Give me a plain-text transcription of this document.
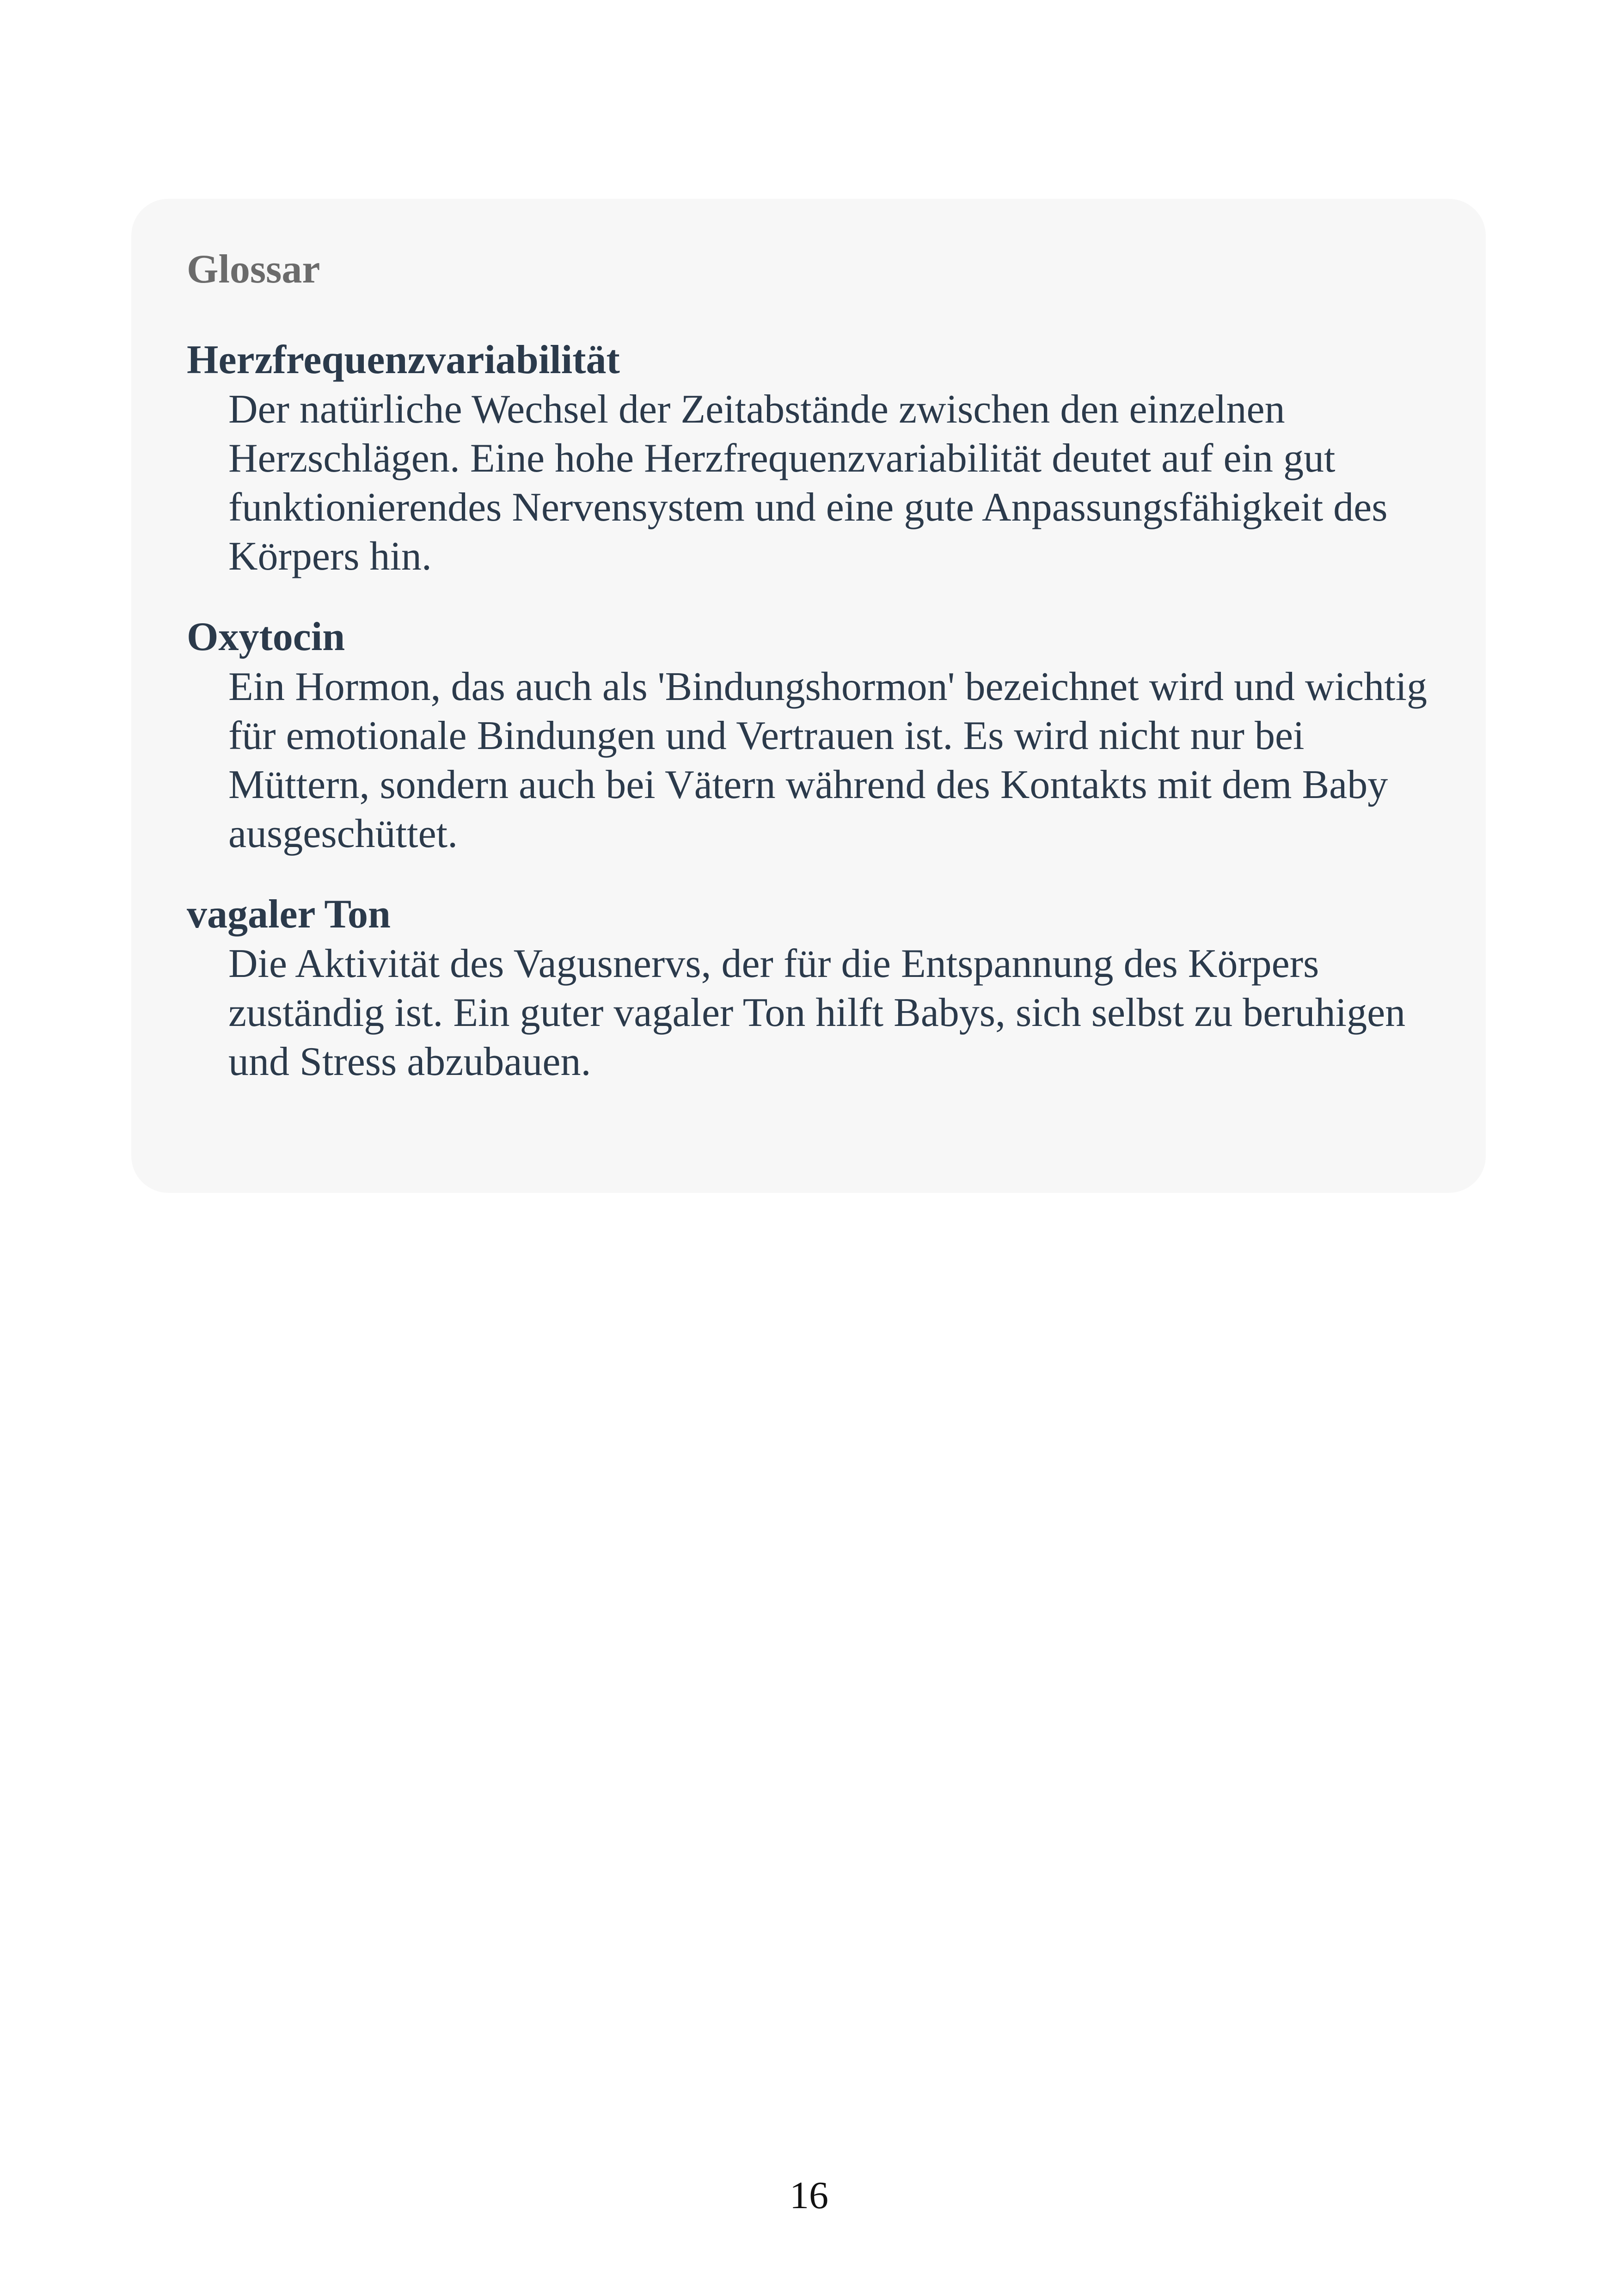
Glossar
Herzfrequenzvariabilität
Der natürliche Wechsel der Zeitabstände zwischen den einzelnen Herzschlägen. Eine hohe Herzfrequenzvariabilität deutet auf ein gut funktionierendes Nervensystem und eine gute Anpassungsfähigkeit des Körpers hin.
Oxytocin
Ein Hormon, das auch als 'Bindungshormon' bezeichnet wird und wichtig für emotionale Bindungen und Vertrauen ist. Es wird nicht nur bei Müttern, sondern auch bei Vätern während des Kontakts mit dem Baby ausgeschüttet.
vagaler Ton
Die Aktivität des Vagusnervs, der für die Entspannung des Körpers zuständig ist. Ein guter vagaler Ton hilft Babys, sich selbst zu beruhigen und Stress abzubauen.
16
